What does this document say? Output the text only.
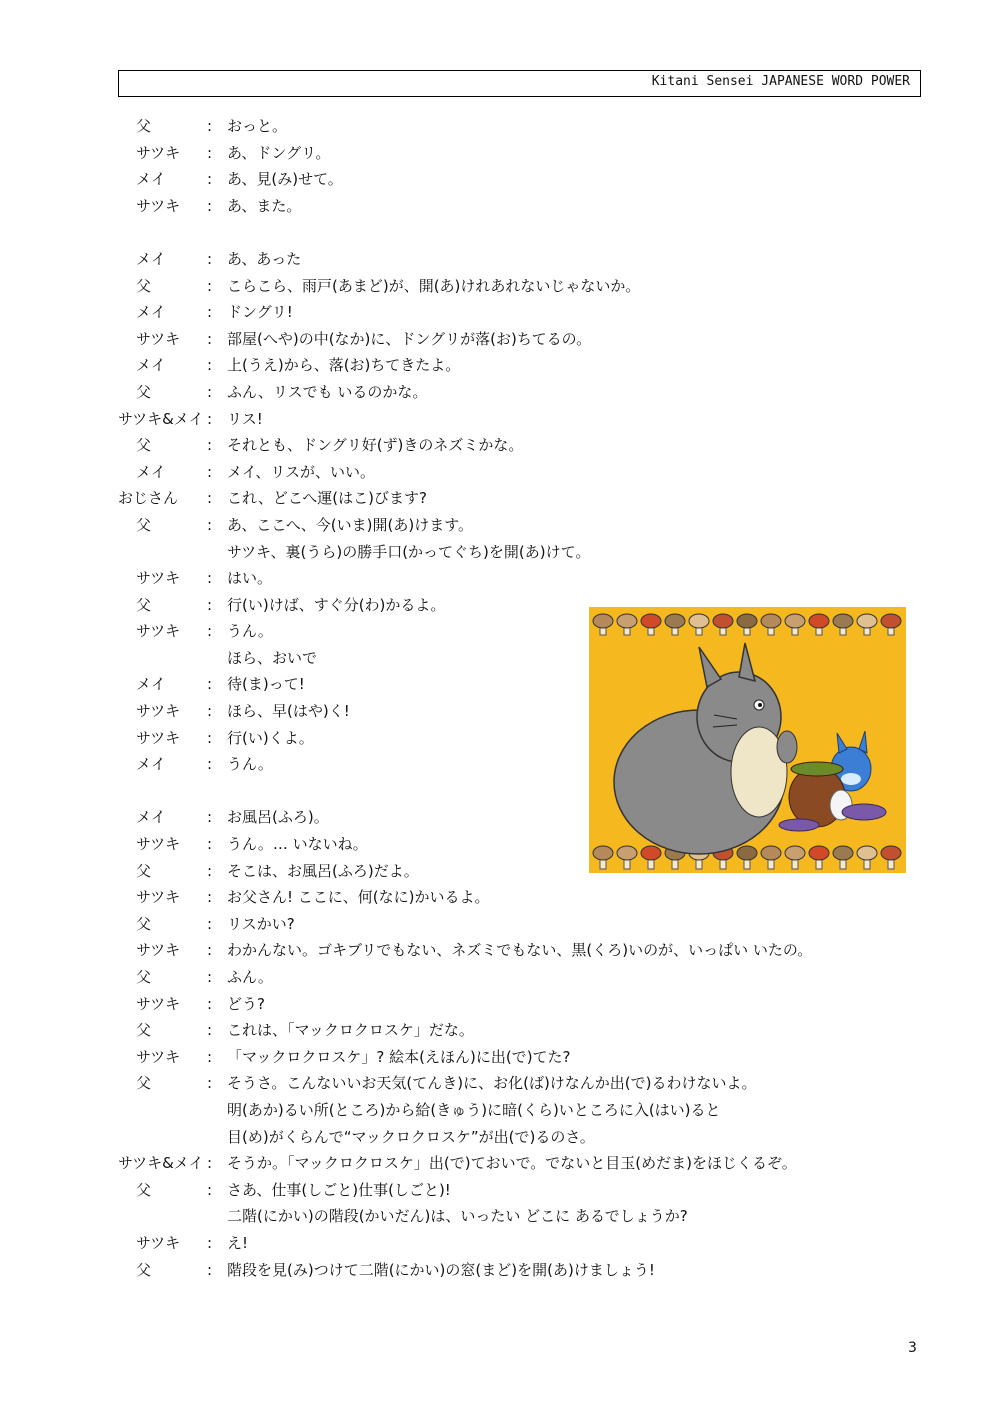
Kitani Sensei JAPANESE WORD POWER
父	: おっと。
サツキ : あ、ドングリ。
メイ	: あ、見(み)せて。
サツキ : あ、また。
メイ	: あ、あった
父	: こらこら、雨戸(あまど)が、開(あ)けれあれないじゃないか。
メイ	: ドングリ!
サツキ : 部屋(へや)の中(なか)に、ドングリが落(お)ちてるの。
メイ	: 上(うえ)から、落(お)ちてきたよ。
父	: ふん、リスでも いるのかな。
サツキ&メイ : リス!
父	: それとも、ドングリ好(ず)きのネズミかな。
メイ	: メイ、リスが、いい。
おじさん : これ、どこへ運(はこ)びます?
父	: あ、ここへ、今(いま)開(あ)けます。
サツキ、裏(うら)の勝手口(かってぐち)を開(あ)けて。
サツキ : はい。
父	: 行(い)けば、すぐ分(わ)かるよ。
サツキ : うん。
ほら、おいで
メイ	: 待(ま)って!
サツキ : ほら、早(はや)く!
サツキ : 行(い)くよ。
メイ	: うん。
メイ	: お風呂(ふろ)。
サツキ : うん。… いないね。
父	: そこは、お風呂(ふろ)だよ。
サツキ : お父さん! ここに、何(なに)かいるよ。
父	: リスかい?
サツキ : わかんない。ゴキブリでもない、ネズミでもない、黒(くろ)いのが、いっぱい いたの。
父	: ふん。
サツキ : どう?
父	: これは、「マックロクロスケ」だな。
サツキ : 「マックロクロスケ」? 絵本(えほん)に出(で)てた?
父	: そうさ。こんないいお天気(てんき)に、お化(ば)けなんか出(で)るわけないよ。
明(あか)るい所(ところ)から給(きゅう)に暗(くら)いところに入(はい)ると
目(め)がくらんで“マックロクロスケ”が出(で)るのさ。
サツキ&メイ : そうか。「マックロクロスケ」出(で)ておいで。でないと目玉(めだま)をほじくるぞ。
父	: さあ、仕事(しごと)仕事(しごと)!
二階(にかい)の階段(かいだん)は、いったい どこに あるでしょうか?
サツキ : え!
父	: 階段を見(み)つけて二階(にかい)の窓(まど)を開(あ)けましょう!
3
